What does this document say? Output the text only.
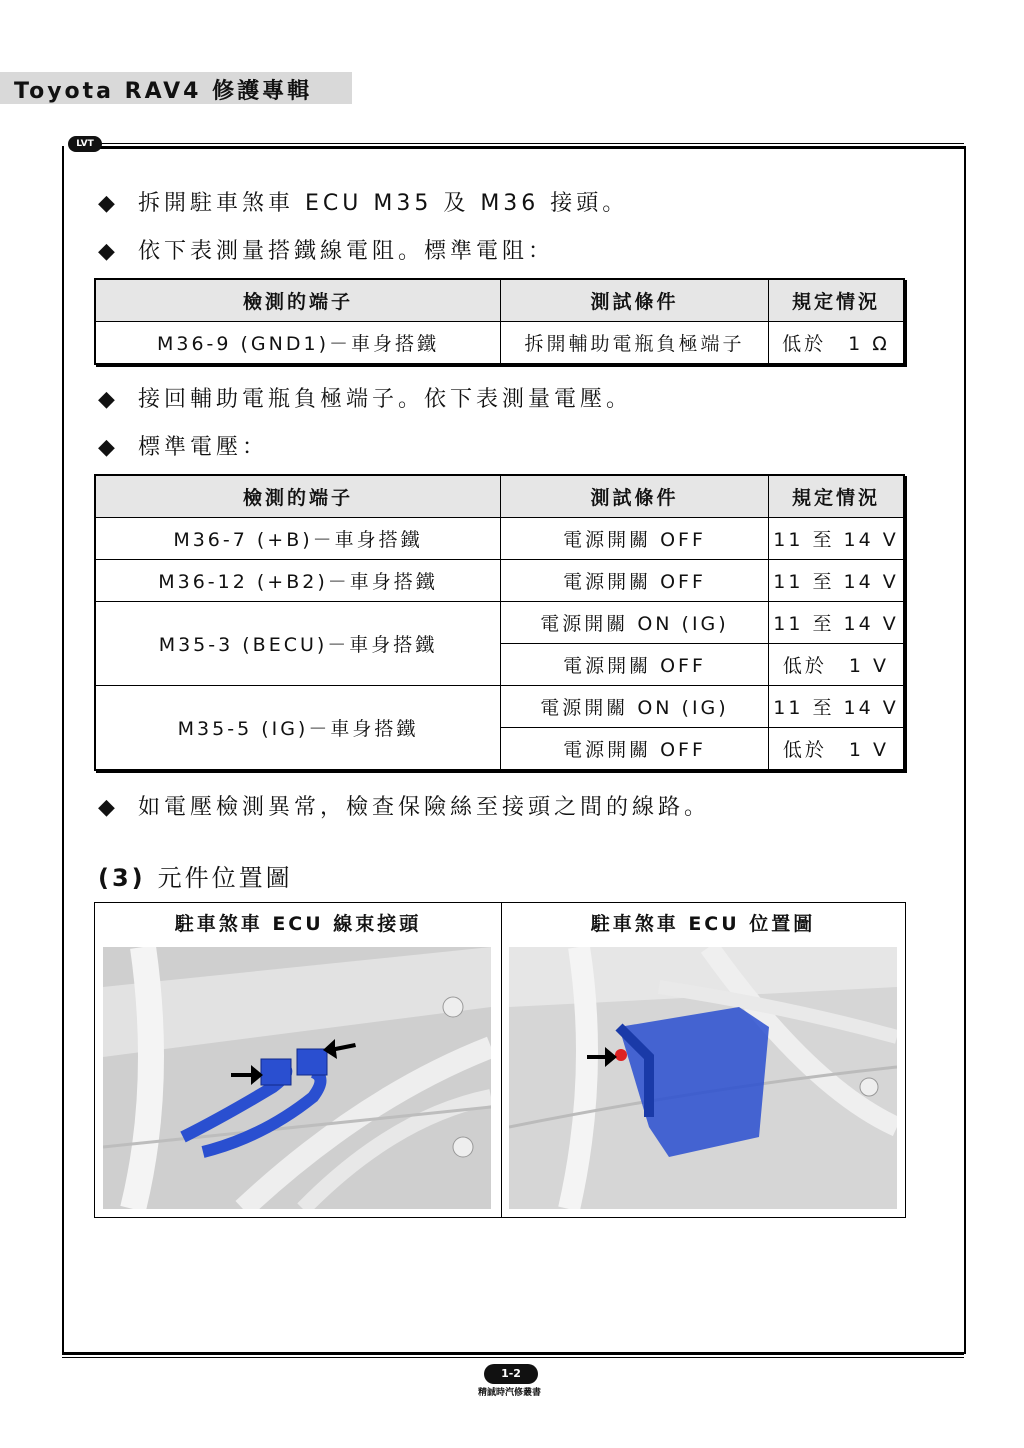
Toyota RAV4 修護專輯
LVT
◆ 拆開駐車煞車 ECU M35 及 M36 接頭。
◆ 依下表測量搭鐵線電阻。標準電阻：
檢測的端子	測試條件	規定情況
M36-9 (GND1)－車身搭鐵	拆開輔助電瓶負極端子	低於　1 Ω
◆ 接回輔助電瓶負極端子。依下表測量電壓。
◆ 標準電壓：
檢測的端子	測試條件	規定情況
M36-7 (+B)－車身搭鐵	電源開關 OFF	11 至 14 V
M36-12 (+B2)－車身搭鐵	電源開關 OFF	11 至 14 V
M35-3 (BECU)－車身搭鐵	電源開關 ON (IG)	11 至 14 V
	電源開關 OFF	低於　1 V
M35-5 (IG)－車身搭鐵	電源開關 ON (IG)	11 至 14 V
	電源開關 OFF	低於　1 V
◆ 如電壓檢測異常，檢查保險絲至接頭之間的線路。
(3) 元件位置圖
駐車煞車 ECU 線束接頭	駐車煞車 ECU 位置圖
1-2
精誠時汽修叢書
